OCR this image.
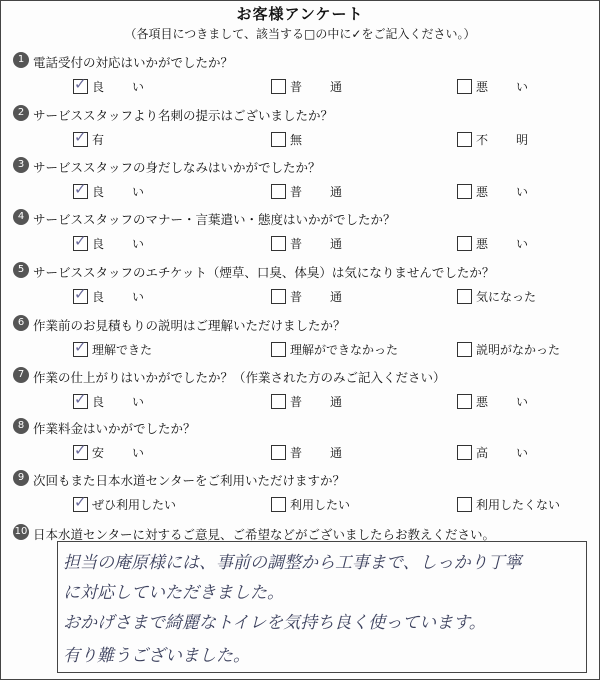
お客様アンケート
（各項目につきまして、該当する□の中に✓をご記入ください。）
1 電話受付の対応はいかがでしたか？
✓良 い	普 通	悪 い
2 サービススタッフより名刺の提示はございましたか？
✓有	無	不 明
3 サービススタッフの身だしなみはいかがでしたか？
✓良 い	普 通	悪 い
4 サービススタッフのマナー・言葉遣い・態度はいかがでしたか？
✓良 い	普 通	悪 い
5 サービススタッフのエチケット（煙草、口臭、体臭）は気になりませんでしたか？
✓良 い	普 通	気になった
6 作業前のお見積もりの説明はご理解いただけましたか？
✓理解できた	理解ができなかった	説明がなかった
7 作業の仕上がりはいかがでしたか？（作業された方のみご記入ください）
✓良 い	普 通	悪 い
8 作業料金はいかがでしたか？
✓安 い	普 通	高 い
9 次回もまた日本水道センターをご利用いただけますか？
✓ぜひ利用したい	利用したい	利用したくない
10 日本水道センターに対するご意見、ご希望などがございましたらお教えください。
担当の庵原様には、事前の調整から工事まで、しっかり丁寧
に対応していただきました。
おかげさまで綺麗なトイレを気持ち良く使っています。
有り難うございました。
